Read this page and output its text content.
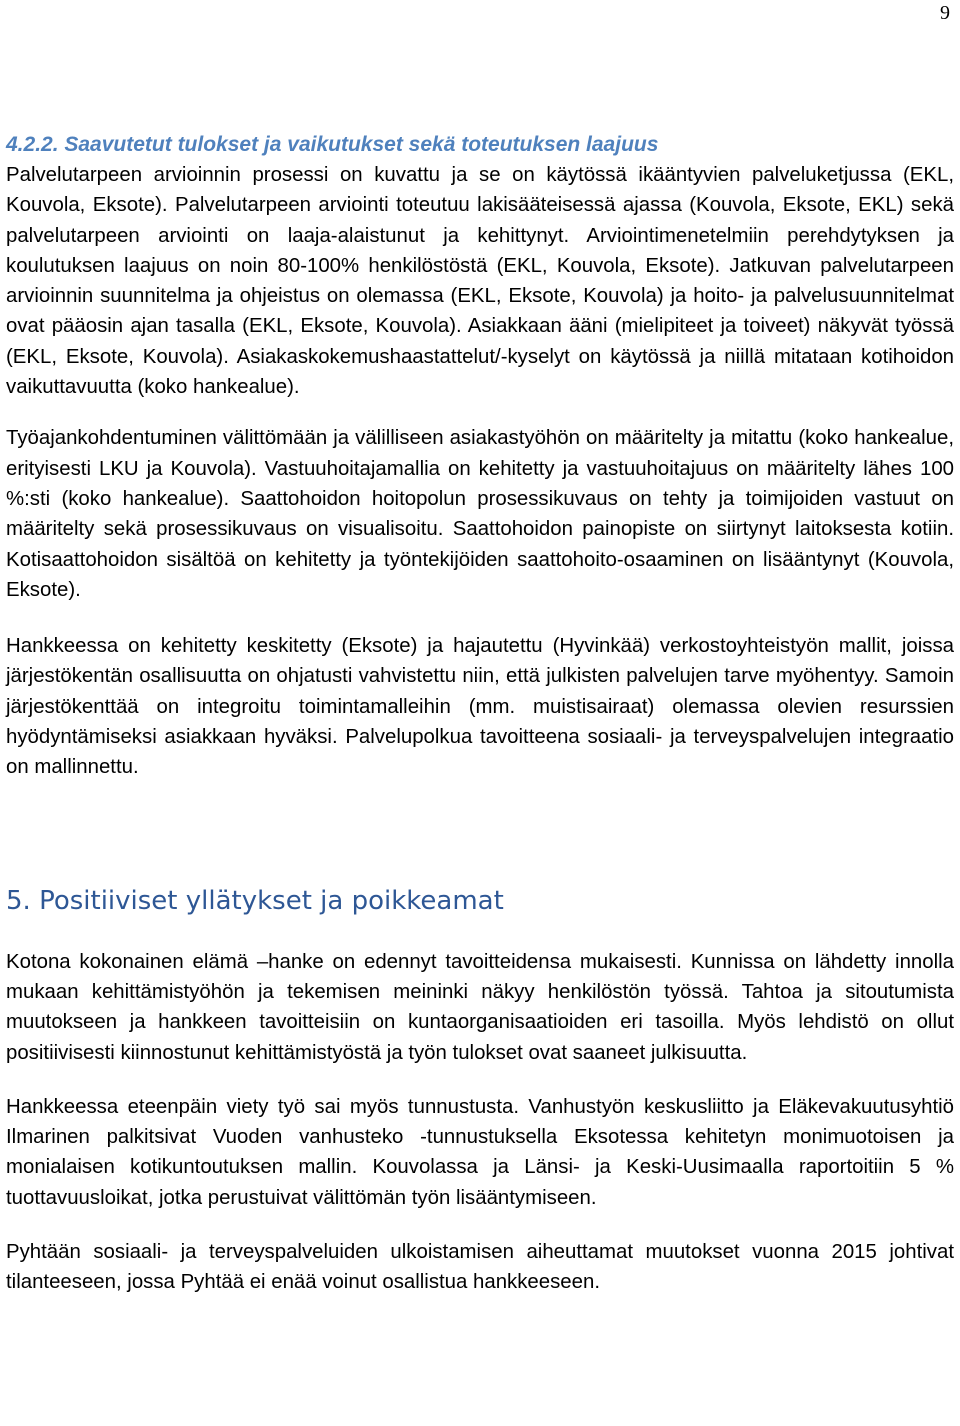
9
4.2.2. Saavutetut tulokset ja vaikutukset sekä toteutuksen laajuus

Palvelutarpeen arvioinnin prosessi on kuvattu ja se on käytössä ikääntyvien palveluketjussa (EKL, Kouvola, Eksote). Palvelutarpeen arviointi toteutuu lakisääteisessä ajassa (Kouvola, Eksote, EKL) sekä palvelutarpeen arviointi on laaja-alaistunut ja kehittynyt. Arviointimenetelmiin perehdytyksen ja koulutuksen laajuus on noin 80-100% henkilöstöstä (EKL, Kouvola, Eksote). Jatkuvan palvelutarpeen arvioinnin suunnitelma ja ohjeistus on olemassa (EKL, Eksote, Kouvola) ja hoito- ja palvelusuunnitelmat ovat pääosin ajan tasalla (EKL, Eksote, Kouvola). Asiakkaan ääni (mielipiteet ja toiveet) näkyvät työssä (EKL, Eksote, Kouvola). Asiakaskokemushaastattelut/-kyselyt on käytössä ja niillä mitataan kotihoidon vaikuttavuutta (koko hankealue).

Työajankohdentuminen välittömään ja välilliseen asiakastyöhön on määritelty ja mitattu (koko hankealue, erityisesti LKU ja Kouvola). Vastuuhoitajamallia on kehitetty ja vastuuhoitajuus on määritelty lähes 100 %:sti (koko hankealue). Saattohoidon hoitopolun prosessikuvaus on tehty ja toimijoiden vastuut on määritelty sekä prosessikuvaus on visualisoitu. Saattohoidon painopiste on siirtynyt laitoksesta kotiin. Kotisaattohoidon sisältöä on kehitetty ja työntekijöiden saattohoito-osaaminen on lisääntynyt (Kouvola, Eksote).

Hankkeessa on kehitetty keskitetty (Eksote) ja hajautettu (Hyvinkää) verkostoyhteistyön mallit, joissa järjestökentän osallisuutta on ohjatusti vahvistettu niin, että julkisten palvelujen tarve myöhentyy. Samoin järjestökenttää on integroitu toimintamalleihin (mm. muistisairaat) olemassa olevien resurssien hyödyntämiseksi asiakkaan hyväksi. Palvelupolkua tavoitteena sosiaali- ja terveyspalvelujen integraatio on mallinnettu.

5. Positiiviset yllätykset ja poikkeamat

Kotona kokonainen elämä –hanke on edennyt tavoitteidensa mukaisesti. Kunnissa on lähdetty innolla mukaan kehittämistyöhön ja tekemisen meininki näkyy henkilöstön työssä. Tahtoa ja sitoutumista muutokseen ja hankkeen tavoitteisiin on kuntaorganisaatioiden eri tasoilla. Myös lehdistö on ollut positiivisesti kiinnostunut kehittämistyöstä ja työn tulokset ovat saaneet julkisuutta.

Hankkeessa eteenpäin viety työ sai myös tunnustusta. Vanhustyön keskusliitto ja Eläkevakuutusyhtiö Ilmarinen palkitsivat Vuoden vanhusteko -tunnustuksella Eksotessa kehitetyn monimuotoisen ja monialaisen kotikuntoutuksen mallin. Kouvolassa ja Länsi- ja Keski-Uusimaalla raportoitiin 5 % tuottavuusloikat, jotka perustuivat välittömän työn lisääntymiseen.

Pyhtään sosiaali- ja terveyspalveluiden ulkoistamisen aiheuttamat muutokset vuonna 2015 johtivat tilanteeseen, jossa Pyhtää ei enää voinut osallistua hankkeeseen.
